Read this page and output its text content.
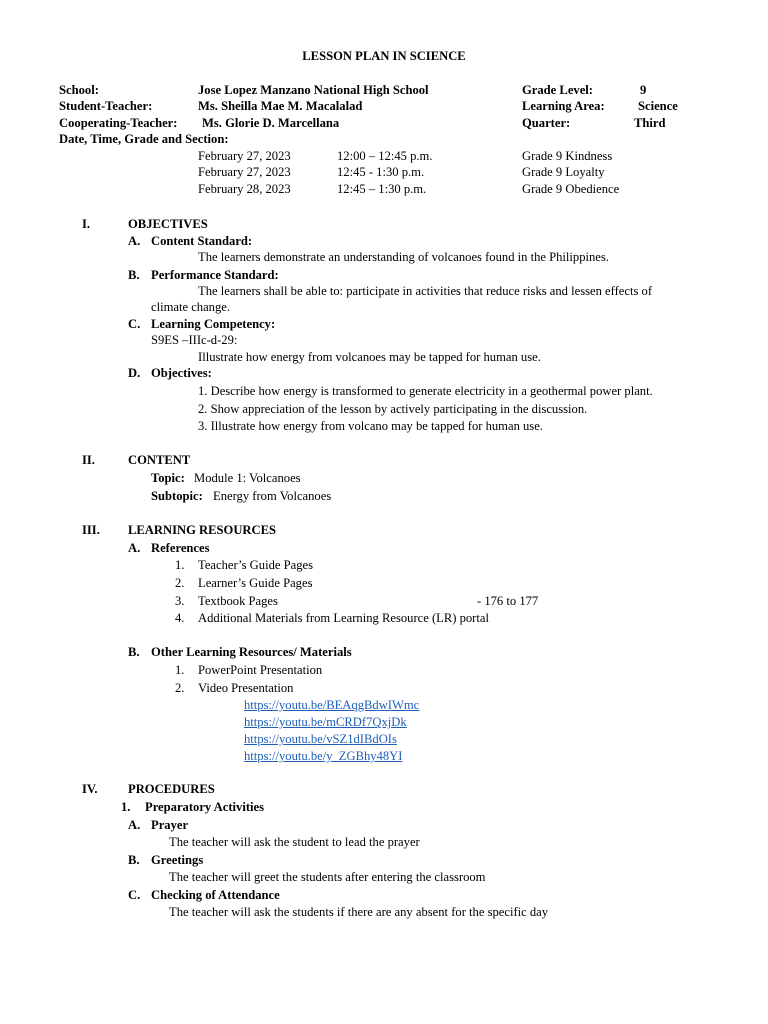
LESSON PLAN IN SCIENCE
School:	Jose Lopez Manzano National High School	Grade Level:	9
Student-Teacher:	Ms. Sheilla Mae M. Macalalad	Learning Area:	Science
Cooperating-Teacher: Ms. Glorie D. Marcellana	Quarter:	Third
Date, Time, Grade and Section:
February 27, 2023	12:00 – 12:45 p.m.	Grade 9 Kindness
February 27, 2023	12:45 - 1:30 p.m.	Grade 9 Loyalty
February 28, 2023	12:45 – 1:30 p.m.	Grade 9 Obedience
I.	OBJECTIVES
A. Content Standard:
The learners demonstrate an understanding of volcanoes found in the Philippines.
B. Performance Standard:
The learners shall be able to: participate in activities that reduce risks and lessen effects of
climate change.
C. Learning Competency:
S9ES –IIIc-d-29:
Illustrate how energy from volcanoes may be tapped for human use.
D. Objectives:
1. Describe how energy is transformed to generate electricity in a geothermal power plant.
2. Show appreciation of the lesson by actively participating in the discussion.
3. Illustrate how energy from volcano may be tapped for human use.
II.	CONTENT
Topic: Module 1: Volcanoes
Subtopic: Energy from Volcanoes
III. LEARNING RESOURCES
A. References
1. Teacher’s Guide Pages
2. Learner’s Guide Pages
3. Textbook Pages	- 176 to 177
4. Additional Materials from Learning Resource (LR) portal
B. Other Learning Resources/ Materials
1. PowerPoint Presentation
2. Video Presentation
https://youtu.be/BEAqgBdwIWmc
https://youtu.be/mCRDf7QxjDk
https://youtu.be/vSZ1dIBdOIs
https://youtu.be/y_ZGBhy48YI
IV. PROCEDURES
1. Preparatory Activities
A. Prayer
The teacher will ask the student to lead the prayer
B. Greetings
The teacher will greet the students after entering the classroom
C. Checking of Attendance
The teacher will ask the students if there are any absent for the specific day
